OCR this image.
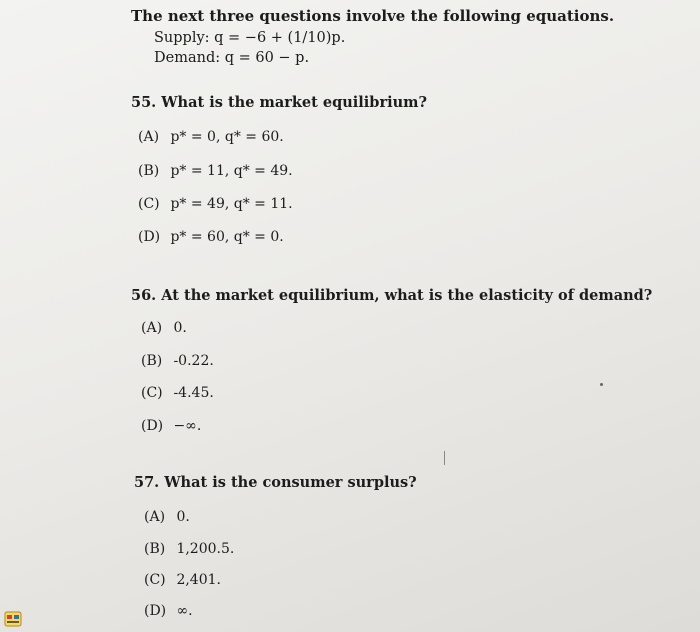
The next three questions involve the following equations.
Supply: q = −6 + (1/10)p.
Demand: q = 60 − p.
55. What is the market equilibrium?
(A) p* = 0, q* = 60.
(B) p* = 11, q* = 49.
(C) p* = 49, q* = 11.
(D) p* = 60, q* = 0.
56. At the market equilibrium, what is the elasticity of demand?
(A) 0.
(B) -0.22.
(C) -4.45.
(D) −∞.
57. What is the consumer surplus?
(A) 0.
(B) 1,200.5.
(C) 2,401.
(D) ∞.
